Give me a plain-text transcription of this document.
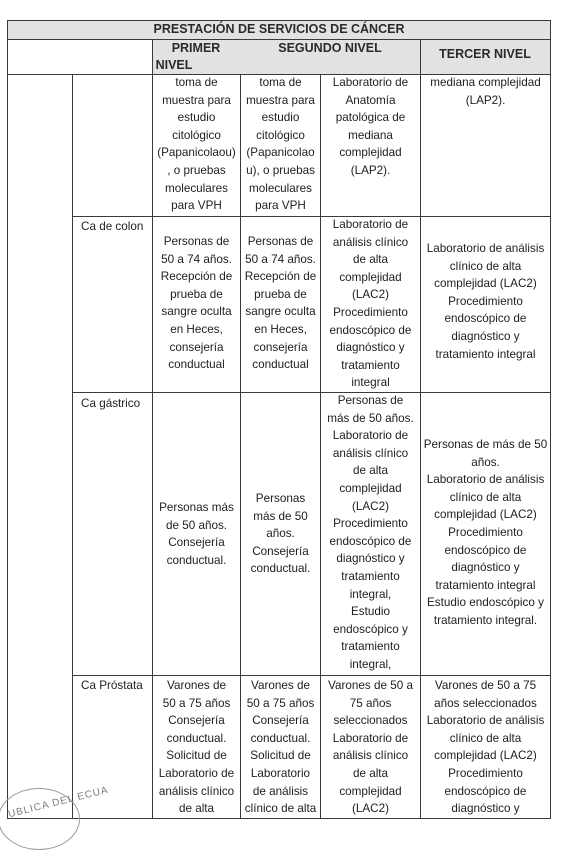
PRESTACIÓN DE SERVICIOS DE CÁNCER
PRIMER
NIVEL
SEGUNDO NIVEL	TERCER NIVEL
toma de
muestra para
estudio
citológico
(Papanicolaou)
, o pruebas
moleculares
para VPH
toma de
muestra para
estudio
citológico
(Papanicolao
u), o pruebas
moleculares
para VPH
Laboratorio de
Anatomía
patológica de
mediana
complejidad
(LAP2).
mediana complejidad
(LAP2).
Ca de colon
Personas de
50 a 74 años.
Recepción de
prueba de
sangre oculta
en Heces,
consejería
conductual
Personas de
50 a 74 años.
Recepción de
prueba de
sangre oculta
en Heces,
consejería
conductual
Laboratorio de
análisis clínico
de alta
complejidad
(LAC2)
Procedimiento
endoscópico de
diagnóstico y
tratamiento
integral
Laboratorio de análisis
clínico de alta
complejidad (LAC2)
Procedimiento
endoscópico de
diagnóstico y
tratamiento integral
Ca gástrico
Personas más
de 50 años.
Consejería
conductual.
Personas
más de 50
años.
Consejería
conductual.
Personas de
más de 50 años.
Laboratorio de
análisis clínico
de alta
complejidad
(LAC2)
Procedimiento
endoscópico de
diagnóstico y
tratamiento
integral,
Estudio
endoscópico y
tratamiento
integral,
Personas de más de 50
años.
Laboratorio de análisis
clínico de alta
complejidad (LAC2)
Procedimiento
endoscópico de
diagnóstico y
tratamiento integral
Estudio endoscópico y
tratamiento integral.
Ca Próstata	Varones de
50 a 75 años
Consejería
conductual.
Solicitud de
Laboratorio de
análisis clínico
de alta
Varones de
50 a 75 años
Consejería
conductual.
Solicitud de
Laboratorio
de análisis
clínico de alta
Varones de 50 a
75 años
seleccionados
Laboratorio de
análisis clínico
de alta
complejidad
(LAC2)
Varones de 50 a 75
años seleccionados
Laboratorio de análisis
clínico de alta
complejidad (LAC2)
Procedimiento
endoscópico de
diagnóstico y
UBLICA DEL ECUA
